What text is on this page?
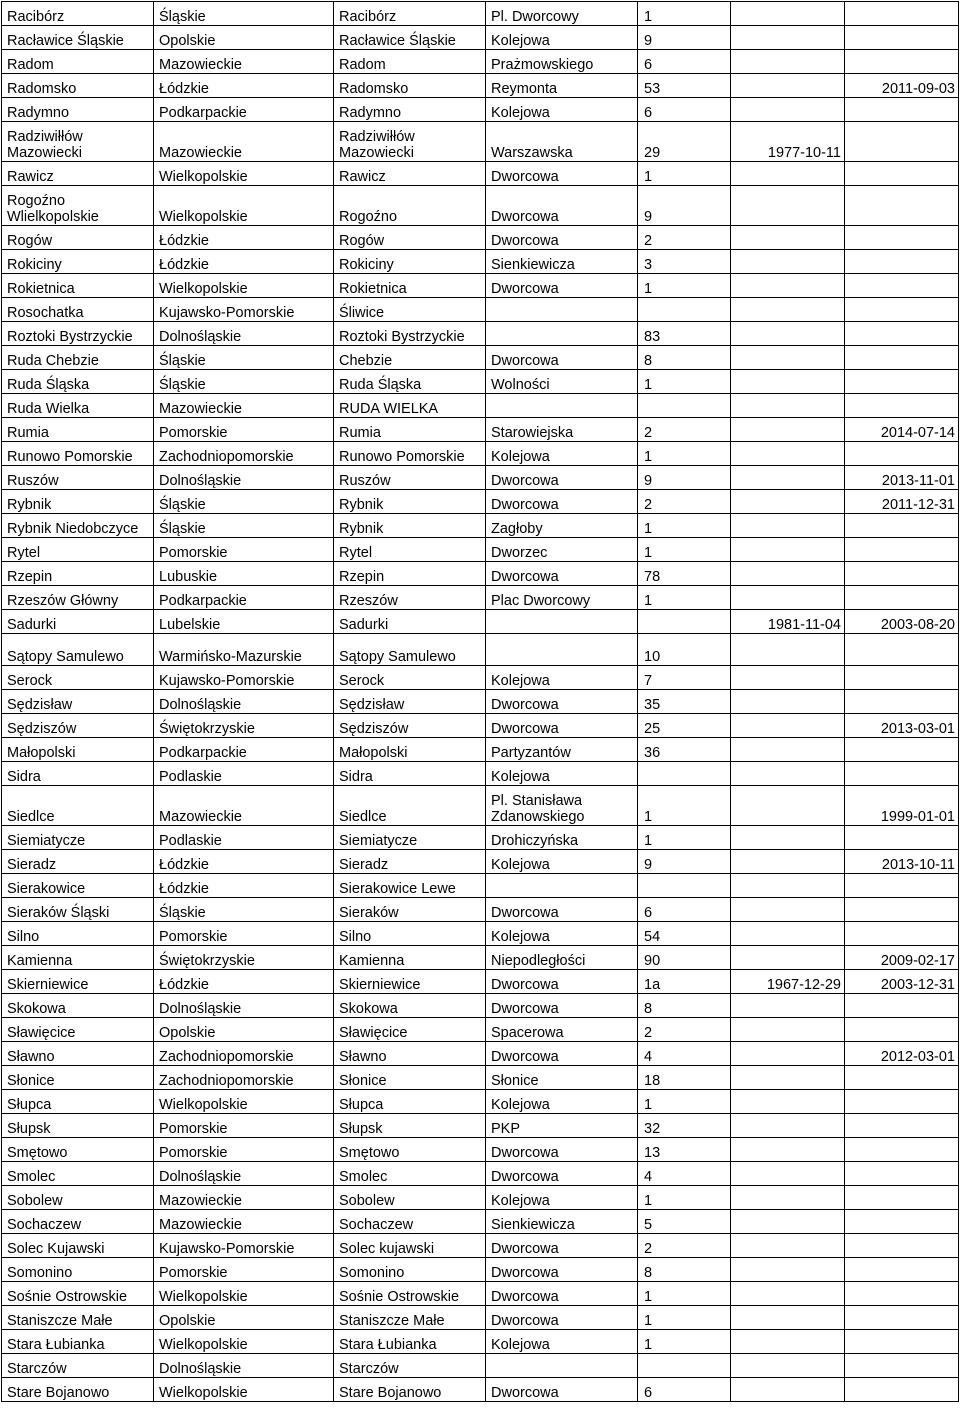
Racibórz	Śląskie	Racibórz	Pl. Dworcowy	1		
Racławice Śląskie	Opolskie	Racławice Śląskie	Kolejowa	9		
Radom	Mazowieckie	Radom	Prażmowskiego	6		
Radomsko	Łódzkie	Radomsko	Reymonta	53		2011-09-03
Radymno	Podkarpackie	Radymno	Kolejowa	6		
Radziwiłłów Mazowiecki	Mazowieckie	Radziwiłłów Mazowiecki	Warszawska	29	1977-10-11	
Rawicz	Wielkopolskie	Rawicz	Dworcowa	1		
Rogoźno Wlielkopolskie	Wielkopolskie	Rogoźno	Dworcowa	9		
Rogów	Łódzkie	Rogów	Dworcowa	2		
Rokiciny	Łódzkie	Rokiciny	Sienkiewicza	3		
Rokietnica	Wielkopolskie	Rokietnica	Dworcowa	1		
Rosochatka	Kujawsko-Pomorskie	Śliwice				
Roztoki Bystrzyckie	Dolnośląskie	Roztoki Bystrzyckie		83		
Ruda Chebzie	Śląskie	Chebzie	Dworcowa	8		
Ruda Śląska	Śląskie	Ruda Śląska	Wolności	1		
Ruda Wielka	Mazowieckie	RUDA WIELKA				
Rumia	Pomorskie	Rumia	Starowiejska	2		2014-07-14
Runowo Pomorskie	Zachodniopomorskie	Runowo Pomorskie	Kolejowa	1		
Ruszów	Dolnośląskie	Ruszów	Dworcowa	9		2013-11-01
Rybnik	Śląskie	Rybnik	Dworcowa	2		2011-12-31
Rybnik Niedobczyce	Śląskie	Rybnik	Zagłoby	1		
Rytel	Pomorskie	Rytel	Dworzec	1		
Rzepin	Lubuskie	Rzepin	Dworcowa	78		
Rzeszów Główny	Podkarpackie	Rzeszów	Plac Dworcowy	1		
Sadurki	Lubelskie	Sadurki			1981-11-04	2003-08-20
Sątopy Samulewo	Warmińsko-Mazurskie	Sątopy Samulewo		10		
Serock	Kujawsko-Pomorskie	Serock	Kolejowa	7		
Sędzisław	Dolnośląskie	Sędzisław	Dworcowa	35		
Sędziszów	Świętokrzyskie	Sędziszów	Dworcowa	25		2013-03-01
Małopolski	Podkarpackie	Małopolski	Partyzantów	36		
Sidra	Podlaskie	Sidra	Kolejowa			
Siedlce	Mazowieckie	Siedlce	Pl. Stanisława Zdanowskiego	1		1999-01-01
Siemiatycze	Podlaskie	Siemiatycze	Drohiczyńska	1		
Sieradz	Łódzkie	Sieradz	Kolejowa	9		2013-10-11
Sierakowice	Łódzkie	Sierakowice Lewe				
Sieraków Śląski	Śląskie	Sieraków	Dworcowa	6		
Silno	Pomorskie	Silno	Kolejowa	54		
Kamienna	Świętokrzyskie	Kamienna	Niepodległości	90		2009-02-17
Skierniewice	Łódzkie	Skierniewice	Dworcowa	1a	1967-12-29	2003-12-31
Skokowa	Dolnośląskie	Skokowa	Dworcowa	8		
Sławięcice	Opolskie	Sławięcice	Spacerowa	2		
Sławno	Zachodniopomorskie	Sławno	Dworcowa	4		2012-03-01
Słonice	Zachodniopomorskie	Słonice	Słonice	18		
Słupca	Wielkopolskie	Słupca	Kolejowa	1		
Słupsk	Pomorskie	Słupsk	PKP	32		
Smętowo	Pomorskie	Smętowo	Dworcowa	13		
Smolec	Dolnośląskie	Smolec	Dworcowa	4		
Sobolew	Mazowieckie	Sobolew	Kolejowa	1		
Sochaczew	Mazowieckie	Sochaczew	Sienkiewicza	5		
Solec Kujawski	Kujawsko-Pomorskie	Solec kujawski	Dworcowa	2		
Somonino	Pomorskie	Somonino	Dworcowa	8		
Sośnie Ostrowskie	Wielkopolskie	Sośnie Ostrowskie	Dworcowa	1		
Staniszcze Małe	Opolskie	Staniszcze Małe	Dworcowa	1		
Stara Łubianka	Wielkopolskie	Stara Łubianka	Kolejowa	1		
Starczów	Dolnośląskie	Starczów				
Stare Bojanowo	Wielkopolskie	Stare Bojanowo	Dworcowa	6		
